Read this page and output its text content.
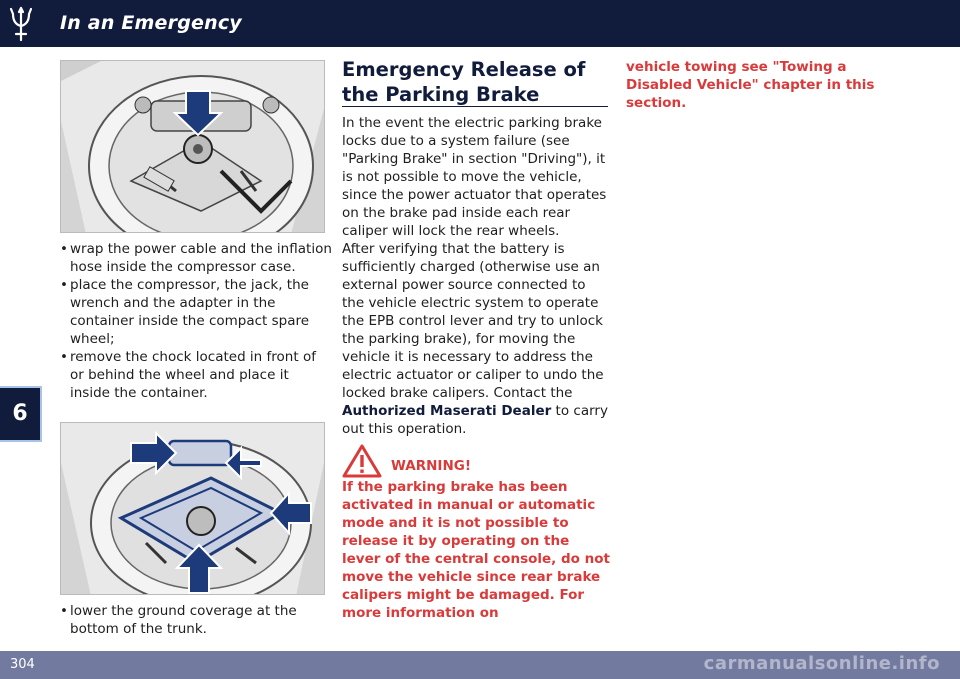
In an Emergency
6
• wrap the power cable and the inflation hose inside the compressor case.
• place the compressor, the jack, the wrench and the adapter in the container inside the compact spare wheel;
• remove the chock located in front of or behind the wheel and place it inside the container.
• lower the ground coverage at the bottom of the trunk.
Emergency Release of the Parking Brake

In the event the electric parking brake locks due to a system failure (see "Parking Brake" in section "Driving"), it is not possible to move the vehicle, since the power actuator that operates on the brake pad inside each rear caliper will lock the rear wheels.

After verifying that the battery is sufficiently charged (otherwise use an external power source connected to the vehicle electric system to operate the EPB control lever and try to unlock the parking brake), for moving the vehicle it is necessary to address the electric actuator or caliper to undo the locked brake calipers. Contact the Authorized Maserati Dealer to carry out this operation.

WARNING!

If the parking brake has been activated in manual or automatic mode and it is not possible to release it by operating on the lever of the central console, do not move the vehicle since rear brake calipers might be damaged. For more information on

vehicle towing see "Towing a Disabled Vehicle" chapter in this section.

304	carmanualsonline.info
